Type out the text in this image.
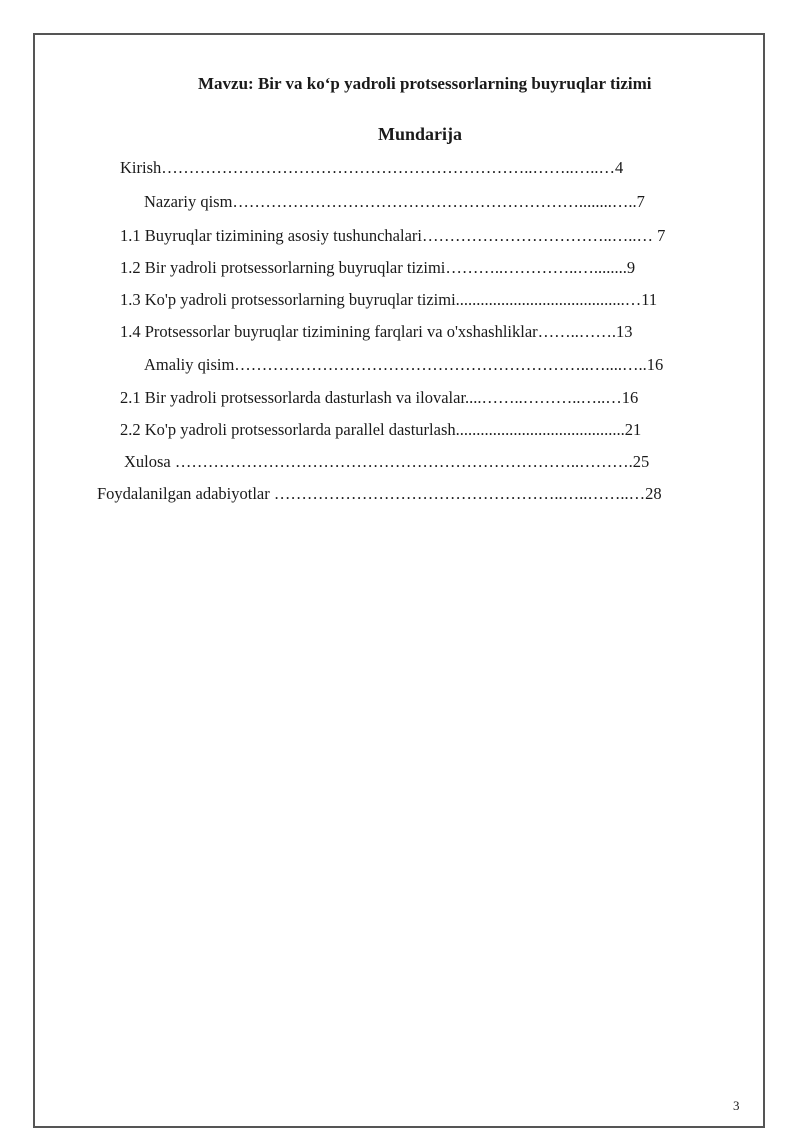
Mavzu: Bir va ko‘p yadroli protsessorlarning buyruqlar tizimi
Mundarija
Kirish…………………………………………………………..……..…..…4
Nazariy qism………………………………………………………........…..7
1.1 Buyruqlar tizimining asosiy tushunchalari……………………………..…..… 7
1.2 Bir yadroli protsessorlarning buyruqlar tizimi………..…………..…........9
1.3 Ko'p yadroli protsessorlarning buyruqlar tizimi.........................................…11
1.4 Protsessorlar buyruqlar tizimining farqlari va o'xshashliklar……..…….13
Amaliy qisim………………………………………………………..…....…..16
2.1 Bir yadroli protsessorlarda dasturlash va ilovalar....……..………..…..…16
2.2 Ko'p yadroli protsessorlarda parallel dasturlash.........................................21
Xulosa ………………………………………………………………..……….25
Foydalanilgan adabiyotlar ……………………………………………..…..……..…28
3
